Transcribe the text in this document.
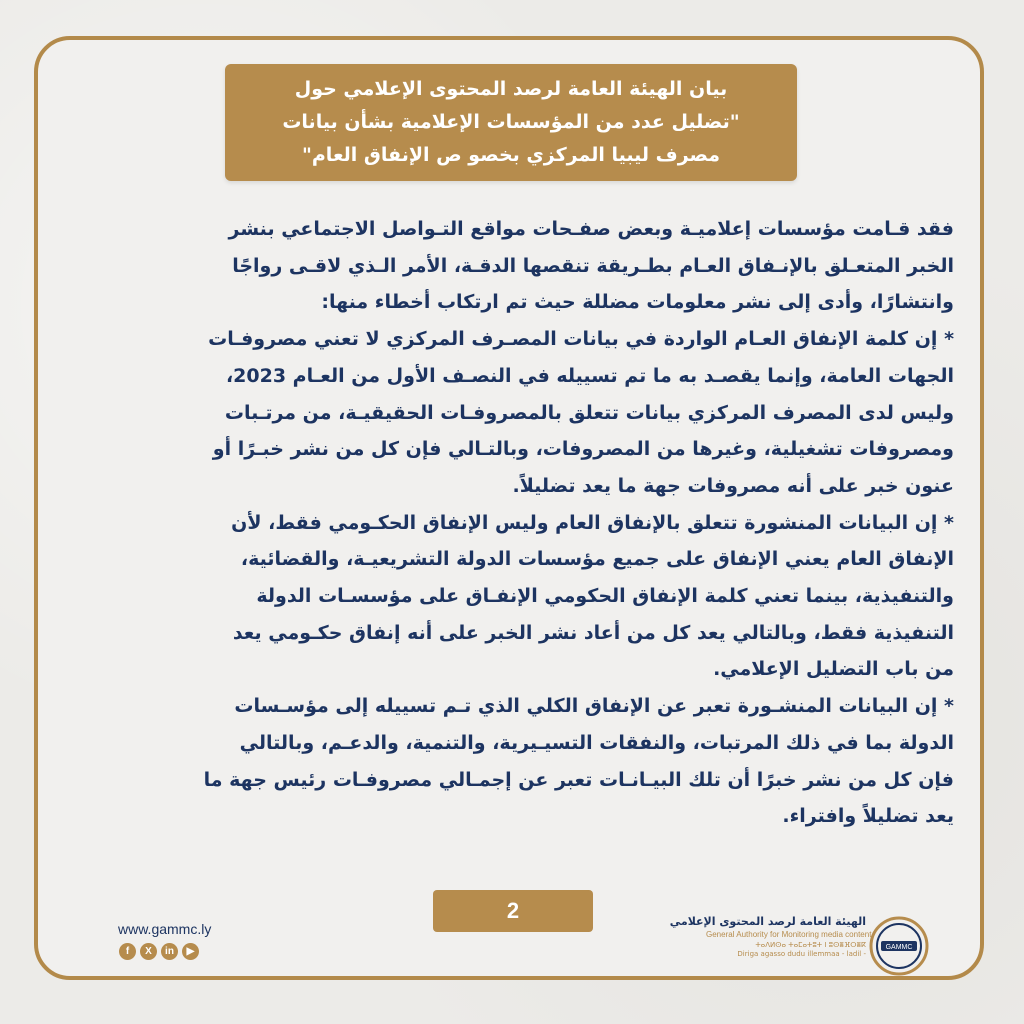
بيان الهيئة العامة لرصد المحتوى الإعلامي حول
"تضليل عدد من المؤسسات الإعلامية بشأن بيانات
مصرف ليبيا المركزي بخصو ص الإنفاق العام"
فقد قـامت مؤسسات إعلاميـة وبعض صفـحات مواقع التـواصل الاجتماعي بنشر
الخبر المتعـلق بالإنـفاق العـام بطـريقة تنقصها الدقـة، الأمر الـذي لاقـى رواجًا
وانتشارًا، وأدى إلى نشر معلومات مضللة حيث تم ارتكاب أخطاء منها:
* إن كلمة الإنفاق العـام الواردة في بيانات المصـرف المركزي لا تعني مصروفـات
الجهات العامة، وإنما يقصـد به ما تم تسييله في النصـف الأول من العـام 2023،
وليس لدى المصرف المركزي بيانات تتعلق بالمصروفـات الحقيقيـة، من مرتـبات
ومصروفات تشغيلية، وغيرها من المصروفات، وبالتـالي فإن كل من نشر خبـرًا أو
عنون خبر على أنه مصروفات جهة ما يعد تضليلاً.
* إن البيانات المنشورة تتعلق بالإنفاق العام وليس الإنفاق الحكـومي فقط، لأن
الإنفاق العام يعني الإنفاق على جميع مؤسسات الدولة التشريعيـة، والقضائية،
والتنفيذية، بينما تعني كلمة الإنفاق الحكومي الإنفـاق على مؤسسـات الدولة
التنفيذية فقط، وبالتالي يعد كل من أعاد نشر الخبر على أنه إنفاق حكـومي يعد
من باب التضليل الإعلامي.
* إن البيانات المنشـورة تعبر عن الإنفاق الكلي الذي تـم تسييله إلى مؤسـسات
الدولة بما في ذلك المرتبات، والنفقات التسيـيرية، والتنمية، والدعـم، وبالتالي
فإن كل من نشر خبرًا أن تلك البيـانـات تعبر عن إجمـالي مصروفـات رئيس جهة ما
يعد تضليلاً وافتراء.
2
www.gammc.ly
f	X	in	▶
الهيئة العامة لرصد المحتوى الإعلامي
General Authority for Monitoring media content
ⵜⴰⴷⵍⵙⴰ ⵜⴰⵎⴰⵜⵓⵜ ⵏ ⵓⵙⴻⴼⵔⴻⴽ
Diriga agasso dudu illemmaa - ladil -
GAMMC
